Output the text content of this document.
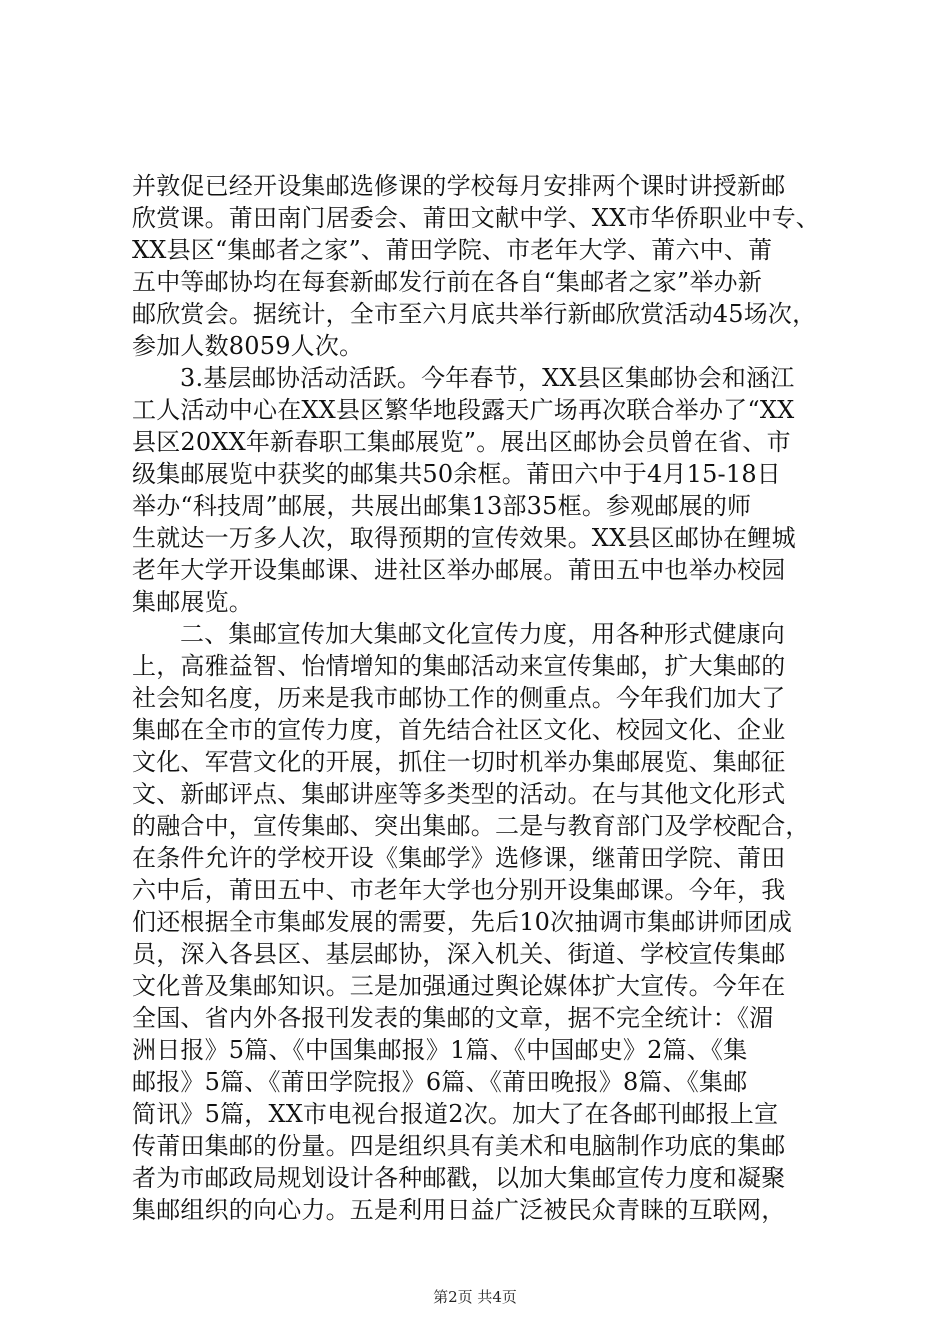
并敦促已经开设集邮选修课的学校每月安排两个课时讲授新邮
欣赏课。莆田南门居委会、莆田文献中学、XX市华侨职业中专、
XX县区“集邮者之家”、莆田学院、市老年大学、莆六中、莆
五中等邮协均在每套新邮发行前在各自“集邮者之家”举办新
邮欣赏会。据统计，全市至六月底共举行新邮欣赏活动45场次，
参加人数8059人次。
3.基层邮协活动活跃。今年春节，XX县区集邮协会和涵江
工人活动中心在XX县区繁华地段露天广场再次联合举办了“XX
县区20XX年新春职工集邮展览”。展出区邮协会员曾在省、市
级集邮展览中获奖的邮集共50余框。莆田六中于4月15-18日
举办“科技周”邮展，共展出邮集13部35框。参观邮展的师
生就达一万多人次，取得预期的宣传效果。XX县区邮协在鲤城
老年大学开设集邮课、进社区举办邮展。莆田五中也举办校园
集邮展览。
二、集邮宣传加大集邮文化宣传力度，用各种形式健康向
上，高雅益智、怡情增知的集邮活动来宣传集邮，扩大集邮的
社会知名度，历来是我市邮协工作的侧重点。今年我们加大了
集邮在全市的宣传力度，首先结合社区文化、校园文化、企业
文化、军营文化的开展，抓住一切时机举办集邮展览、集邮征
文、新邮评点、集邮讲座等多类型的活动。在与其他文化形式
的融合中，宣传集邮、突出集邮。二是与教育部门及学校配合，
在条件允许的学校开设《集邮学》选修课，继莆田学院、莆田
六中后，莆田五中、市老年大学也分别开设集邮课。今年，我
们还根据全市集邮发展的需要，先后10次抽调市集邮讲师团成
员，深入各县区、基层邮协，深入机关、街道、学校宣传集邮
文化普及集邮知识。三是加强通过舆论媒体扩大宣传。今年在
全国、省内外各报刊发表的集邮的文章，据不完全统计：《湄
洲日报》5篇、《中国集邮报》1篇、《中国邮史》2篇、《集
邮报》5篇、《莆田学院报》6篇、《莆田晚报》8篇、《集邮
简讯》5篇，XX市电视台报道2次。加大了在各邮刊邮报上宣
传莆田集邮的份量。四是组织具有美术和电脑制作功底的集邮
者为市邮政局规划设计各种邮戳，以加大集邮宣传力度和凝聚
集邮组织的向心力。五是利用日益广泛被民众青睐的互联网，
第2页 共4页
